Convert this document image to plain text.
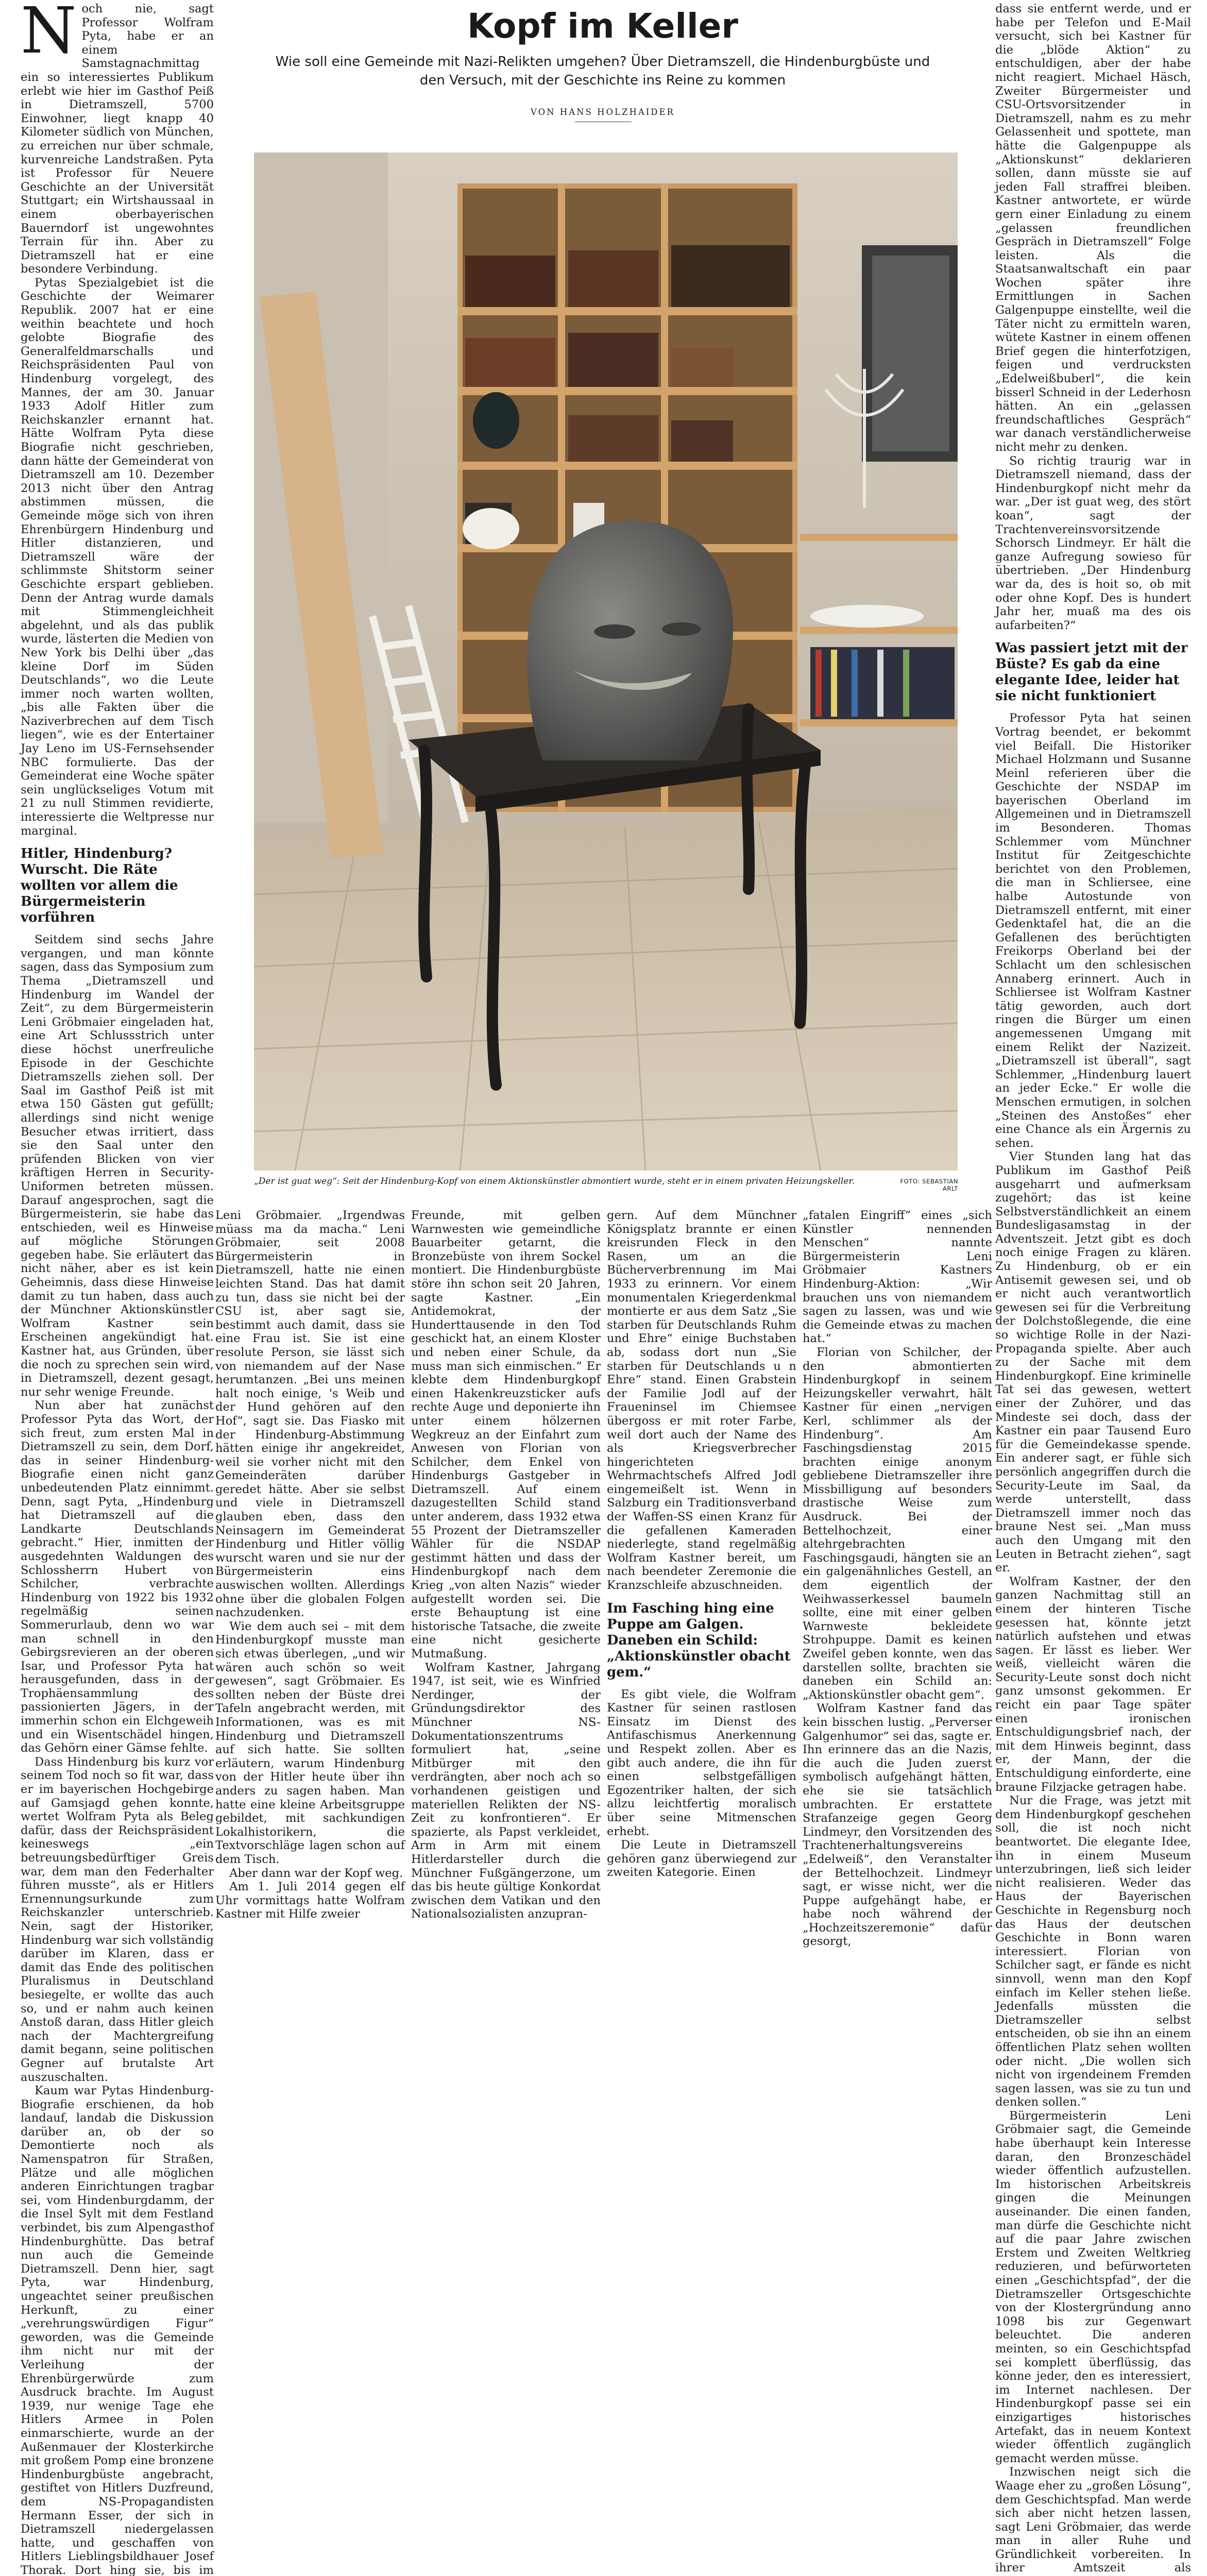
Kopf im Keller

Wie soll eine Gemeinde mit Nazi-Relikten umgehen? Über Dietramszell, die Hindenburgbüste und den Versuch, mit der Geschichte ins Reine zu kommen

VON HANS HOLZHAIDER

Noch nie, sagt Professor Wolfram Pyta, habe er an einem Samstagnachmittag ein so interessiertes Publikum erlebt wie hier im Gasthof Peiß in Dietramszell, 5700 Einwohner, liegt knapp 40 Kilometer südlich von München, zu erreichen nur über schmale, kurvenreiche Landstraßen. Pyta ist Professor für Neuere Geschichte an der Universität Stuttgart; ein Wirtshaussaal in einem oberbayerischen Bauerndorf ist ungewohntes Terrain für ihn. Aber zu Dietramszell hat er eine besondere Verbindung.

Pytas Spezialgebiet ist die Geschichte der Weimarer Republik. 2007 hat er eine weithin beachtete und hoch gelobte Biografie des Generalfeldmarschalls und Reichspräsidenten Paul von Hindenburg vorgelegt, des Mannes, der am 30. Januar 1933 Adolf Hitler zum Reichskanzler ernannt hat. Hätte Wolfram Pyta diese Biografie nicht geschrieben, dann hätte der Gemeinderat von Dietramszell am 10. Dezember 2013 nicht über den Antrag abstimmen müssen, die Gemeinde möge sich von ihren Ehrenbürgern Hindenburg und Hitler distanzieren, und Dietramszell wäre der schlimmste Shitstorm seiner Geschichte erspart geblieben. Denn der Antrag wurde damals mit Stimmengleichheit abgelehnt, und als das publik wurde, lästerten die Medien von New York bis Delhi über „das kleine Dorf im Süden Deutschlands“, wo die Leute immer noch warten wollten, „bis alle Fakten über die Naziverbrechen auf dem Tisch liegen“, wie es der Entertainer Jay Leno im US-Fernsehsender NBC formulierte. Das der Gemeinderat eine Woche später sein unglückseliges Votum mit 21 zu null Stimmen revidierte, interessierte die Weltpresse nur marginal.

Hitler, Hindenburg? Wurscht. Die Räte wollten vor allem die Bürgermeisterin vorführen

Seitdem sind sechs Jahre vergangen, und man könnte sagen, dass das Symposium zum Thema „Dietramszell und Hindenburg im Wandel der Zeit“, zu dem Bürgermeisterin Leni Gröbmaier eingeladen hat, eine Art Schlussstrich unter diese höchst unerfreuliche Episode in der Geschichte Dietramszells ziehen soll. Der Saal im Gasthof Peiß ist mit etwa 150 Gästen gut gefüllt; allerdings sind nicht wenige Besucher etwas irritiert, dass sie den Saal unter den prüfenden Blicken von vier kräftigen Herren in Security-Uniformen betreten müssen. Darauf angesprochen, sagt die Bürgermeisterin, sie habe das entschieden, weil es Hinweise auf mögliche Störungen gegeben habe. Sie erläutert das nicht näher, aber es ist kein Geheimnis, dass diese Hinweise damit zu tun haben, dass auch der Münchner Aktionskünstler Wolfram Kastner sein Erscheinen angekündigt hat. Kastner hat, aus Gründen, über die noch zu sprechen sein wird, in Dietramszell, dezent gesagt, nur sehr wenige Freunde.

Nun aber hat zunächst Professor Pyta das Wort, der sich freut, zum ersten Mal in Dietramszell zu sein, dem Dorf, das in seiner Hindenburg-Biografie einen nicht ganz unbedeutenden Platz einnimmt. Denn, sagt Pyta, „Hindenburg hat Dietramszell auf die Landkarte Deutschlands gebracht.“ Hier, inmitten der ausgedehnten Waldungen des Schlossherrn Hubert von Schilcher, verbrachte Hindenburg von 1922 bis 1932 regelmäßig seinen Sommerurlaub, denn wo war man schnell in den Gebirgsrevieren an der oberen Isar, und Professor Pyta hat herausgefunden, dass in der Trophäensammlung des passionierten Jägers, in der immerhin schon ein Elchgeweih und ein Wisentschädel hingen, das Gehörn einer Gämse fehlte.

Dass Hindenburg bis kurz vor seinem Tod noch so fit war, dass er im bayerischen Hochgebirge auf Gamsjagd gehen konnte, wertet Wolfram Pyta als Beleg dafür, dass der Reichspräsident keineswegs „ein betreuungsbedürftiger Greis war, dem man den Federhalter führen musste“, als er Hitlers Ernennungsurkunde zum Reichskanzler unterschrieb. Nein, sagt der Historiker, Hindenburg war sich vollständig darüber im Klaren, dass er damit das Ende des politischen Pluralismus in Deutschland besiegelte, er wollte das auch so, und er nahm auch keinen Anstoß daran, dass Hitler gleich nach der Machtergreifung damit begann, seine politischen Gegner auf brutalste Art auszuschalten.

Kaum war Pytas Hindenburg-Biografie erschienen, da hob landauf, landab die Diskussion darüber an, ob der so Demontierte noch als Namenspatron für Straßen, Plätze und alle möglichen anderen Einrichtungen tragbar sei, vom Hindenburgdamm, der die Insel Sylt mit dem Festland verbindet, bis zum Alpengasthof Hindenburghütte. Das betraf nun auch die Gemeinde Dietramszell. Denn hier, sagt Pyta, war Hindenburg, ungeachtet seiner preußischen Herkunft, zu einer „verehrungswürdigen Figur“ geworden, was die Gemeinde ihm nicht nur mit der Verleihung der Ehrenbürgerwürde zum Ausdruck brachte. Im August 1939, nur wenige Tage ehe Hitlers Armee in Polen einmarschierte, wurde an der Außenmauer der Klosterkirche mit großem Pomp eine bronzene Hindenburgbüste angebracht, gestiftet von Hitlers Duzfreund, dem NS-Propagandisten Hermann Esser, der sich in Dietramszell niedergelassen hatte, und geschaffen von Hitlers Lieblingsbildhauer Josef Thorak. Dort hing sie, bis im

„Der ist guat weg“: Seit der Hindenburg-Kopf von einem Aktionskünstler abmontiert wurde, steht er in einem privaten Heizungskeller.	FOTO: SEBASTIAN ARLT

Leni Gröbmaier. „Irgendwas müass ma da macha.“ Leni Gröbmaier, seit 2008 Bürgermeisterin in Dietramszell, hatte nie einen leichten Stand. Das hat damit zu tun, dass sie nicht bei der CSU ist, aber sagt sie, bestimmt auch damit, dass sie eine Frau ist. Sie ist eine resolute Person, sie lässt sich von niemandem auf der Nase herumtanzen. „Bei uns meinen halt noch einige, 's Weib und der Hund gehören auf den Hof“, sagt sie. Das Fiasko mit der Hindenburg-Abstimmung hätten einige ihr angekreidet, weil sie vorher nicht mit den Gemeinderäten darüber geredet hätte. Aber sie selbst und viele in Dietramszell glauben eben, dass den Neinsagern im Gemeinderat Hindenburg und Hitler völlig wurscht waren und sie nur der Bürgermeisterin eins auswischen wollten. Allerdings ohne über die globalen Folgen nachzudenken.

Wie dem auch sei – mit dem Hindenburgkopf musste man sich etwas überlegen, „und wir wären auch schön so weit gewesen“, sagt Gröbmaier. Es sollten neben der Büste drei Tafeln angebracht werden, mit Informationen, was es mit Hindenburg und Dietramszell auf sich hatte. Sie sollten erläutern, warum Hindenburg von der Hitler heute über ihn anders zu sagen haben. Man hatte eine kleine Arbeitsgruppe gebildet, mit sachkundigen Lokalhistorikern, die Textvorschläge lagen schon auf dem Tisch.

Aber dann war der Kopf weg.

Am 1. Juli 2014 gegen elf Uhr vormittags hatte Wolfram Kastner mit Hilfe zweier

Freunde, mit gelben Warnwesten wie gemeindliche Bauarbeiter getarnt, die Bronzebüste von ihrem Sockel montiert. Die Hindenburgbüste störe ihn schon seit 20 Jahren, sagte Kastner. „Ein Antidemokrat, der Hunderttausende in den Tod geschickt hat, an einem Kloster und neben einer Schule, da muss man sich einmischen.“ Er klebte dem Hindenburgkopf einen Hakenkreuzsticker aufs rechte Auge und deponierte ihn unter einem hölzernen Wegkreuz an der Einfahrt zum Anwesen von Florian von Schilcher, dem Enkel von Hindenburgs Gastgeber in Dietramszell. Auf einem dazugestellten Schild stand unter anderem, dass 1932 etwa 55 Prozent der Dietramszeller Wähler für die NSDAP gestimmt hätten und dass der Hindenburgkopf nach dem Krieg „von alten Nazis“ wieder aufgestellt worden sei. Die erste Behauptung ist eine historische Tatsache, die zweite eine nicht gesicherte Mutmaßung.

Wolfram Kastner, Jahrgang 1947, ist seit, wie es Winfried Nerdinger, der Gründungsdirektor des Münchner NS-Dokumentationszentrums formuliert hat, „seine Mitbürger mit den verdrängten, aber noch ach so vorhandenen geistigen und materiellen Relikten der NS-Zeit zu konfrontieren“. Er spazierte, als Papst verkleidet, Arm in Arm mit einem Hitlerdarsteller durch die Münchner Fußgängerzone, um das bis heute gültige Konkordat zwischen dem Vatikan und den Nationalsozialisten anzupran-

gern. Auf dem Münchner Königsplatz brannte er einen kreisrunden Fleck in den Rasen, um an die Bücherverbrennung im Mai 1933 zu erinnern. Vor einem monumentalen Kriegerdenkmal montierte er aus dem Satz „Sie starben für Deutschlands Ruhm und Ehre“ einige Buchstaben ab, sodass dort nun „Sie starben für Deutschlands u n Ehre“ stand. Einen Grabstein der Familie Jodl auf der Fraueninsel im Chiemsee übergoss er mit roter Farbe, weil dort auch der Name des als Kriegsverbrecher hingerichteten Wehrmachtschefs Alfred Jodl eingemeißelt ist. Wenn in Salzburg ein Traditionsverband der Waffen-SS einen Kranz für die gefallenen Kameraden niederlegte, stand regelmäßig Wolfram Kastner bereit, um nach beendeter Zeremonie die Kranzschleife abzuschneiden.

Im Fasching hing eine Puppe am Galgen. Daneben ein Schild: „Aktionskünstler obacht gem.“

Es gibt viele, die Wolfram Kastner für seinen rastlosen Einsatz im Dienst des Antifaschismus Anerkennung und Respekt zollen. Aber es gibt auch andere, die ihn für einen selbstgefälligen Egozentriker halten, der sich allzu leichtfertig moralisch über seine Mitmenschen erhebt.

Die Leute in Dietramszell gehören ganz überwiegend zur zweiten Kategorie. Einen

„fatalen Eingriff“ eines „sich Künstler nennenden Menschen“ nannte Bürgermeisterin Leni Gröbmaier Kastners Hindenburg-Aktion: „Wir brauchen uns von niemandem sagen zu lassen, was und wie die Gemeinde etwas zu machen hat.“

Florian von Schilcher, der den abmontierten Hindenburgkopf in seinem Heizungskeller verwahrt, hält Kastner für einen „nervigen Kerl, schlimmer als der Hindenburg“. Am Faschingsdienstag 2015 brachten einige anonym gebliebene Dietramszeller ihre Missbilligung auf besonders drastische Weise zum Ausdruck. Bei der Bettelhochzeit, einer altehrgebrachten Faschingsgaudi, hängten sie an ein galgenähnliches Gestell, an dem eigentlich der Weihwasserkessel baumeln sollte, eine mit einer gelben Warnweste bekleidete Strohpuppe. Damit es keinen Zweifel geben konnte, wen das darstellen sollte, brachten sie daneben ein Schild an: „Aktionskünstler obacht gem“.

Wolfram Kastner fand das kein bisschen lustig. „Perverser Galgenhumor“ sei das, sagte er. Ihn erinnere das an die Nazis, die auch die Juden zuerst symbolisch aufgehängt hätten, ehe sie sie tatsächlich umbrachten. Er erstattete Strafanzeige gegen Georg Lindmeyr, den Vorsitzenden des Trachtenerhaltungsvereins „Edelweiß“, den Veranstalter der Bettelhochzeit. Lindmeyr sagt, er wisse nicht, wer die Puppe aufgehängt habe, er habe noch während der „Hochzeitszeremonie“ dafür gesorgt,

dass sie entfernt werde, und er habe per Telefon und E-Mail versucht, sich bei Kastner für die „blöde Aktion“ zu entschuldigen, aber der habe nicht reagiert. Michael Häsch, Zweiter Bürgermeister und CSU-Ortsvorsitzender in Dietramszell, nahm es zu mehr Gelassenheit und spottete, man hätte die Galgenpuppe als „Aktionskunst“ deklarieren sollen, dann müsste sie auf jeden Fall straffrei bleiben. Kastner antwortete, er würde gern einer Einladung zu einem „gelassen freundlichen Gespräch in Dietramszell“ Folge leisten. Als die Staatsanwaltschaft ein paar Wochen später ihre Ermittlungen in Sachen Galgenpuppe einstellte, weil die Täter nicht zu ermitteln waren, wütete Kastner in einem offenen Brief gegen die hinterfotzigen, feigen und verdrucksten „Edelweißbuberl“, die kein bisserl Schneid in der Lederhosn hätten. An ein „gelassen freundschaftliches Gespräch“ war danach verständlicherweise nicht mehr zu denken.

So richtig traurig war in Dietramszell niemand, dass der Hindenburgkopf nicht mehr da war. „Der ist guat weg, des stört koan“, sagt der Trachtenvereinsvorsitzende Schorsch Lindmeyr. Er hält die ganze Aufregung sowieso für übertrieben. „Der Hindenburg war da, des is hoit so, ob mit oder ohne Kopf. Des is hundert Jahr her, muaß ma des ois aufarbeiten?“

Was passiert jetzt mit der Büste? Es gab da eine elegante Idee, leider hat sie nicht funktioniert

Professor Pyta hat seinen Vortrag beendet, er bekommt viel Beifall. Die Historiker Michael Holzmann und Susanne Meinl referieren über die Geschichte der NSDAP im bayerischen Oberland im Allgemeinen und in Dietramszell im Besonderen. Thomas Schlemmer vom Münchner Institut für Zeitgeschichte berichtet von den Problemen, die man in Schliersee, eine halbe Autostunde von Dietramszell entfernt, mit einer Gedenktafel hat, die an die Gefallenen des berüchtigten Freikorps Oberland bei der Schlacht um den schlesischen Annaberg erinnert. Auch in Schliersee ist Wolfram Kastner tätig geworden, auch dort ringen die Bürger um einen angemessenen Umgang mit einem Relikt der Nazizeit. „Dietramszell ist überall“, sagt Schlemmer, „Hindenburg lauert an jeder Ecke.“ Er wolle die Menschen ermutigen, in solchen „Steinen des Anstoßes“ eher eine Chance als ein Ärgernis zu sehen.

Vier Stunden lang hat das Publikum im Gasthof Peiß ausgeharrt und aufmerksam zugehört; das ist keine Selbstverständlichkeit an einem Bundesligasamstag in der Adventszeit. Jetzt gibt es doch noch einige Fragen zu klären. Zu Hindenburg, ob er ein Antisemit gewesen sei, und ob er nicht auch verantwortlich gewesen sei für die Verbreitung der Dolchstoßlegende, die eine so wichtige Rolle in der Nazi-Propaganda spielte. Aber auch zu der Sache mit dem Hindenburgkopf. Eine kriminelle Tat sei das gewesen, wettert einer der Zuhörer, und das Mindeste sei doch, dass der Kastner ein paar Tausend Euro für die Gemeindekasse spende. Ein anderer sagt, er fühle sich persönlich angegriffen durch die Security-Leute im Saal, da werde unterstellt, dass Dietramszell immer noch das braune Nest sei. „Man muss auch den Umgang mit den Leuten in Betracht ziehen“, sagt er.

Wolfram Kastner, der den ganzen Nachmittag still an einem der hinteren Tische gesessen hat, könnte jetzt natürlich aufstehen und etwas sagen. Er lässt es lieber. Wer weiß, vielleicht wären die Security-Leute sonst doch nicht ganz umsonst gekommen. Er reicht ein paar Tage später einen ironischen Entschuldigungsbrief nach, der mit dem Hinweis beginnt, dass er, der Mann, der die Entschuldigung einforderte, eine braune Filzjacke getragen habe.

Nur die Frage, was jetzt mit dem Hindenburgkopf geschehen soll, die ist noch nicht beantwortet. Die elegante Idee, ihn in einem Museum unterzubringen, ließ sich leider nicht realisieren. Weder das Haus der Bayerischen Geschichte in Regensburg noch das Haus der deutschen Geschichte in Bonn waren interessiert. Florian von Schilcher sagt, er fände es nicht sinnvoll, wenn man den Kopf einfach im Keller stehen ließe. Jedenfalls müssten die Dietramszeller selbst entscheiden, ob sie ihn an einem öffentlichen Platz sehen wollten oder nicht. „Die wollen sich nicht von irgendeinem Fremden sagen lassen, was sie zu tun und denken sollen.“

Bürgermeisterin Leni Gröbmaier sagt, die Gemeinde habe überhaupt kein Interesse daran, den Bronzeschädel wieder öffentlich aufzustellen. Im historischen Arbeitskreis gingen die Meinungen auseinander. Die einen fanden, man dürfe die Geschichte nicht auf die paar Jahre zwischen Erstem und Zweiten Weltkrieg reduzieren, und befürworteten einen „Geschichtspfad“, der die Dietramszeller Ortsgeschichte von der Klostergründung anno 1098 bis zur Gegenwart beleuchtet. Die anderen meinten, so ein Geschichtspfad sei komplett überflüssig, das könne jeder, den es interessiert, im Internet nachlesen. Der Hindenburgkopf passe sei ein einzigartiges historisches Artefakt, das in neuem Kontext wieder öffentlich zugänglich gemacht werden müsse.

Inzwischen neigt sich die Waage eher zu „großen Lösung“, dem Geschichtspfad. Man werde sich aber nicht hetzen lassen, sagt Leni Gröbmaier, das werde man in aller Ruhe und Gründlichkeit vorbereiten. In ihrer Amtszeit als
